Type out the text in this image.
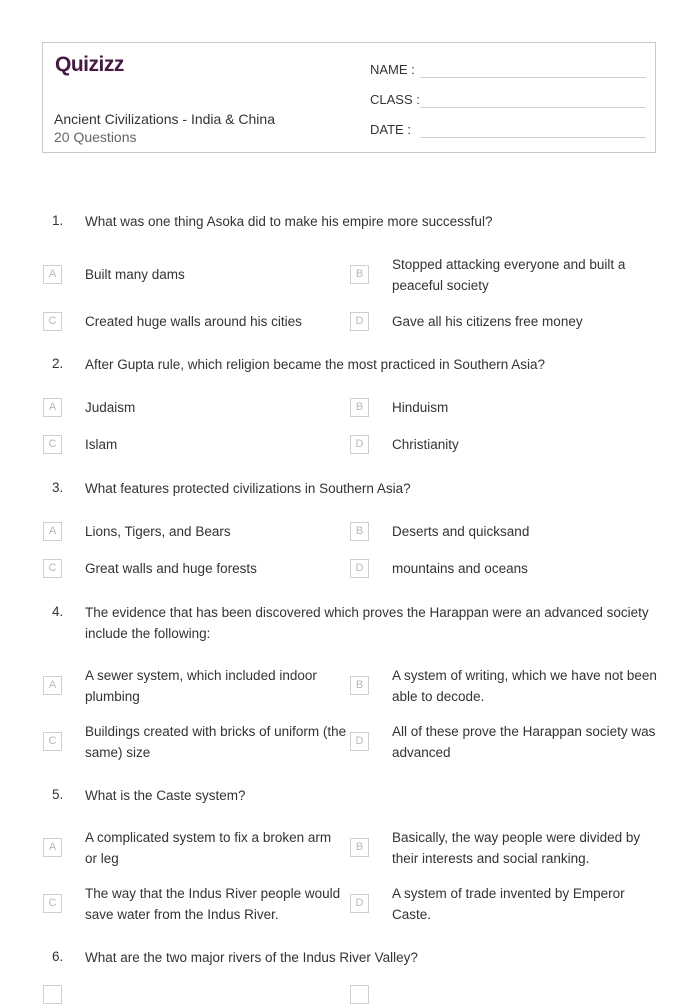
Quizizz
Ancient Civilizations - India & China
20 Questions
NAME :
CLASS :
DATE :
1. What was one thing Asoka did to make his empire more successful?
A	Built many dams	B
Stopped attacking everyone and built a peaceful society
C	Created huge walls around his cities	D	Gave all his citizens free money
2. After Gupta rule, which religion became the most practiced in Southern Asia?
A	Judaism	B	Hinduism
C	Islam	D	Christianity
3. What features protected civilizations in Southern Asia?
A	Lions, Tigers, and Bears	B	Deserts and quicksand
C	Great walls and huge forests	D	mountains and oceans
4. The evidence that has been discovered which proves the Harappan were an advanced society include the following:
A
A sewer system, which included indoor plumbing
B
A system of writing, which we have not been able to decode.
C
Buildings created with bricks of uniform (the same) size
D
All of these prove the Harappan society was advanced
5. What is the Caste system?
A
A complicated system to fix a broken arm or leg
B
Basically, the way people were divided by their interests and social ranking.
C
The way that the Indus River people would save water from the Indus River.
D
A system of trade invented by Emperor Caste.
6. What are the two major rivers of the Indus River Valley?
